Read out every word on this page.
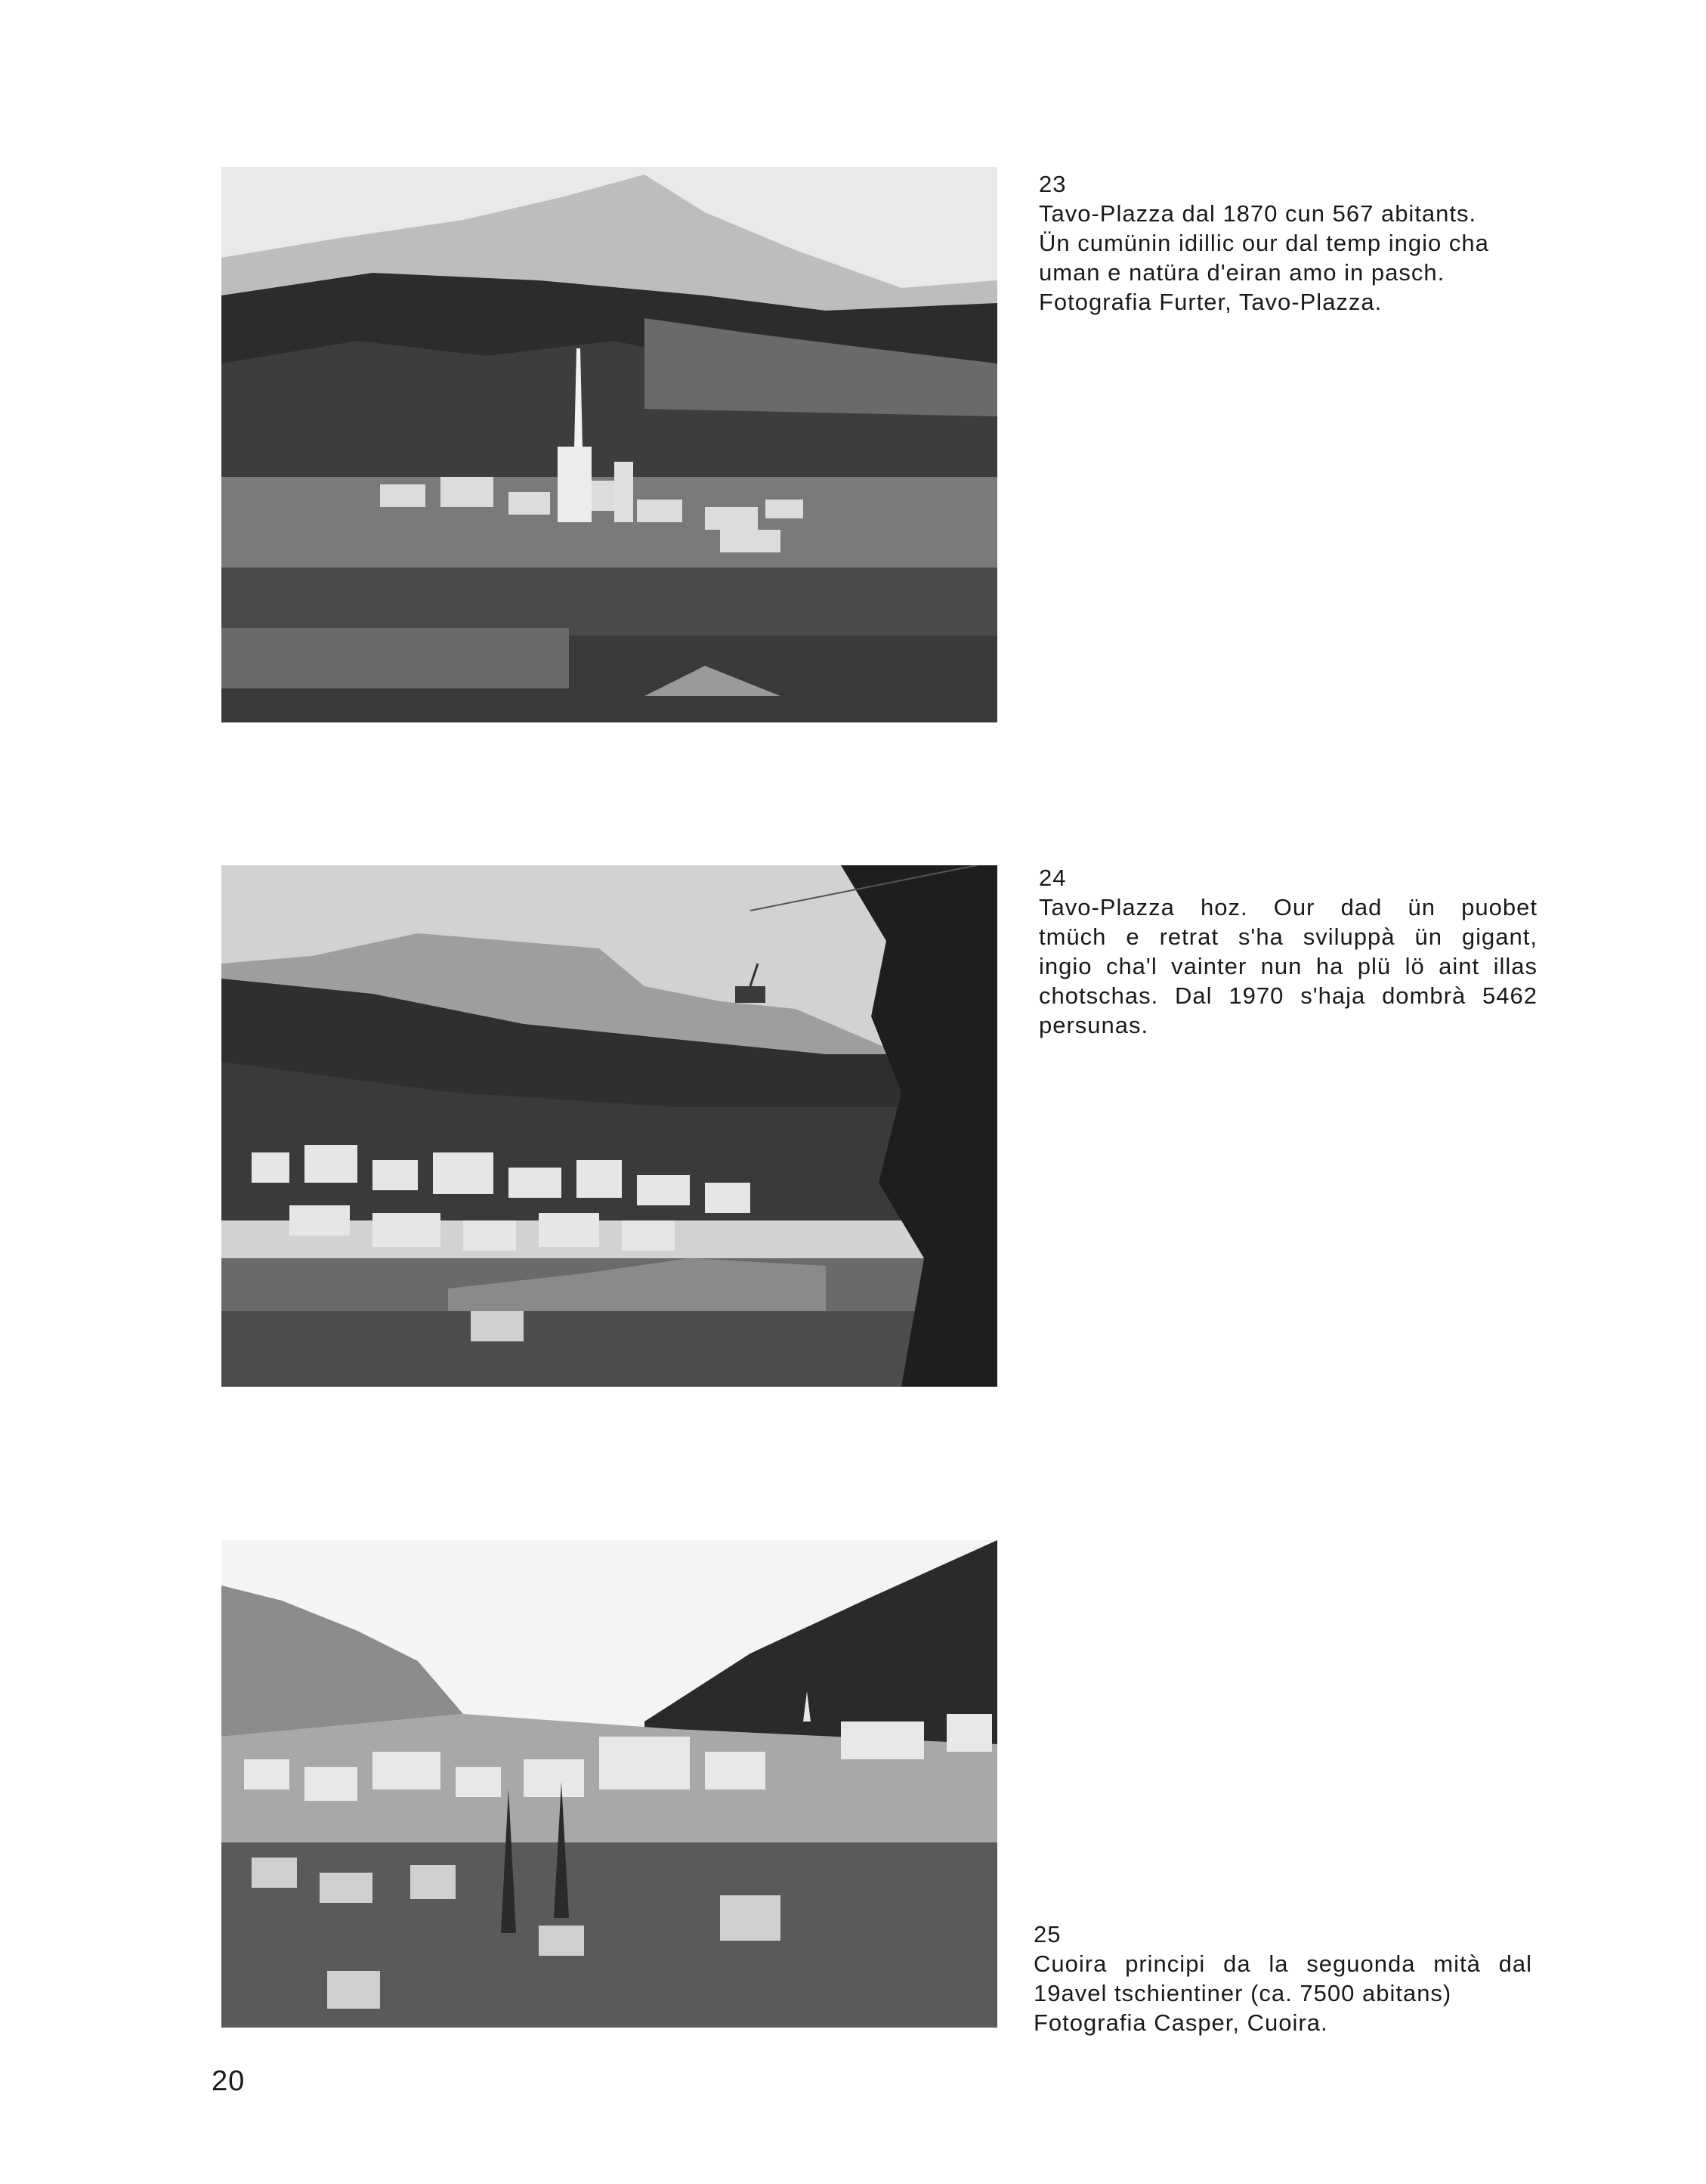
23
Tavo-Plazza dal 1870 cun 567 abitants.
Ün cumünin idillic our dal temp ingio cha
uman e natüra d'eiran amo in pasch.
Fotografia Furter, Tavo-Plazza.
24
Tavo-Plazza hoz. Our dad ün puobet
tmüch e retrat s'ha sviluppà ün gigant,
ingio cha'l vainter nun ha plü lö aint illas
chotschas. Dal 1970 s'haja dombrà 5462
persunas.
25
Cuoira principi da la seguonda mità dal
19avel tschientiner (ca. 7500 abitans)
Fotografia Casper, Cuoira.
20
